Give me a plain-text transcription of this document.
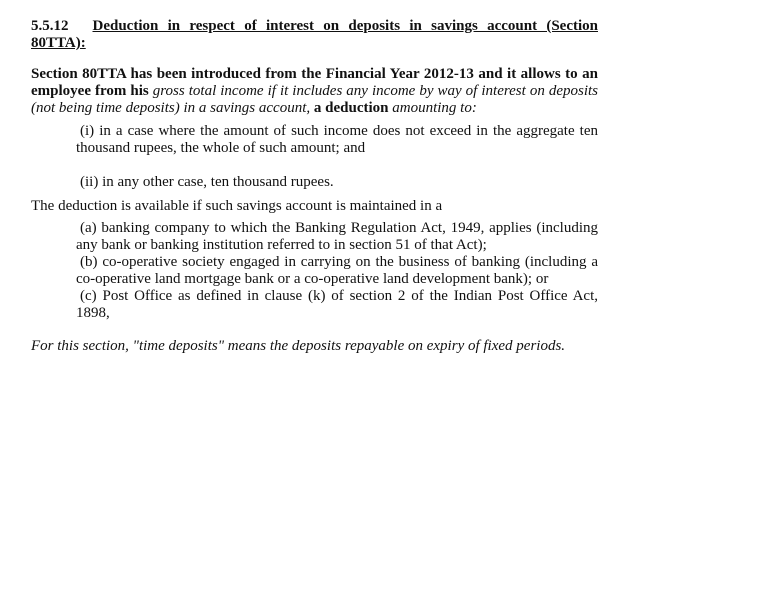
5.5.12 Deduction in respect of interest on deposits in savings account (Section 80TTA):
Section 80TTA has been introduced from the Financial Year 2012-13 and it allows to an employee from his gross total income if it includes any income by way of interest on deposits (not being time deposits) in a savings account, a deduction amounting to:
(i) in a case where the amount of such income does not exceed in the aggregate ten thousand rupees, the whole of such amount; and
(ii) in any other case, ten thousand rupees.
The deduction is available if such savings account is maintained in a
(a) banking company to which the Banking Regulation Act, 1949, applies (including any bank or banking institution referred to in section 51 of that Act);
(b) co-operative society engaged in carrying on the business of banking (including a co-operative land mortgage bank or a co-operative land development bank); or
(c) Post Office as defined in clause (k) of section 2 of the Indian Post Office Act, 1898,
For this section, "time deposits" means the deposits repayable on expiry of fixed periods.
